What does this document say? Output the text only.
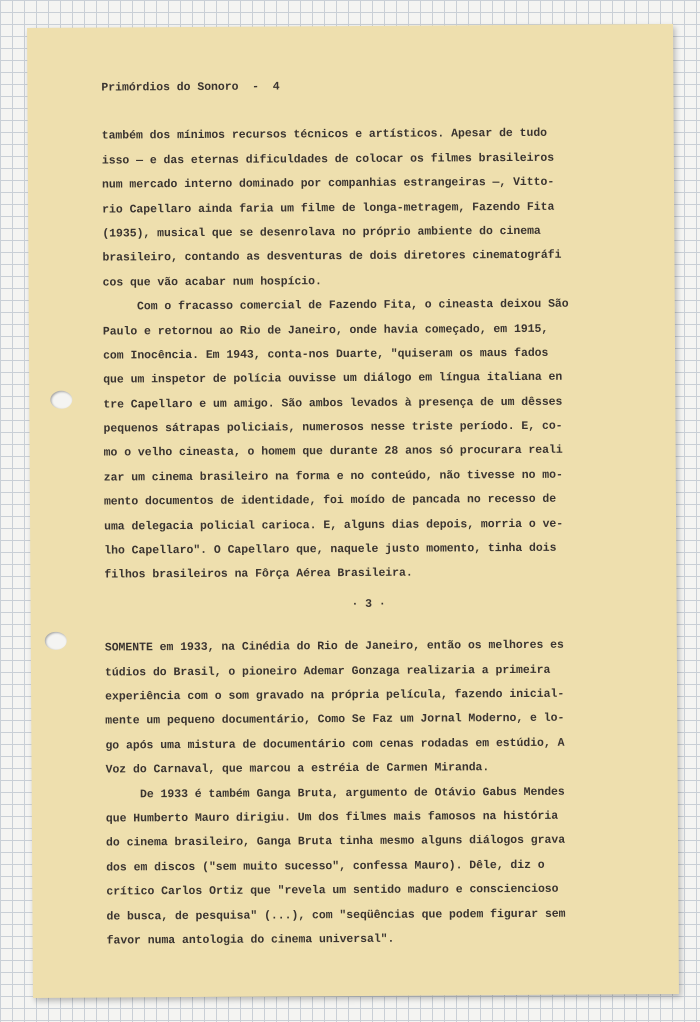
Primórdios do Sonoro  -  4
também dos mínimos recursos técnicos e artísticos. Apesar de tudo
isso — e das eternas dificuldades de colocar os filmes brasileiros
num mercado interno dominado por companhias estrangeiras —, Vitto-
rio Capellaro ainda faria um filme de longa-metragem, Fazendo Fita
(1935), musical que se desenrolava no próprio ambiente do cinema
brasileiro, contando as desventuras de dois diretores cinematográfi
cos que vão acabar num hospício.
Com o fracasso comercial de Fazendo Fita, o cineasta deixou São
Paulo e retornou ao Rio de Janeiro, onde havia começado, em 1915,
com Inocência. Em 1943, conta-nos Duarte, "quiseram os maus fados
que um inspetor de polícia ouvisse um diálogo em língua italiana en
tre Capellaro e um amigo. São ambos levados à presença de um dêsses
pequenos sátrapas policiais, numerosos nesse triste período. E, co-
mo o velho cineasta, o homem que durante 28 anos só procurara reali
zar um cinema brasileiro na forma e no conteúdo, não tivesse no mo-
mento documentos de identidade, foi moído de pancada no recesso de
uma delegacia policial carioca. E, alguns dias depois, morria o ve-
lho Capellaro". O Capellaro que, naquele justo momento, tinha dois
filhos brasileiros na Fôrça Aérea Brasileira.
· 3 ·
SOMENTE em 1933, na Cinédia do Rio de Janeiro, então os melhores es
túdios do Brasil, o pioneiro Ademar Gonzaga realizaria a primeira
experiência com o som gravado na própria película, fazendo inicial-
mente um pequeno documentário, Como Se Faz um Jornal Moderno, e lo-
go após uma mistura de documentário com cenas rodadas em estúdio, A
Voz do Carnaval, que marcou a estréia de Carmen Miranda.
De 1933 é também Ganga Bruta, argumento de Otávio Gabus Mendes
que Humberto Mauro dirigiu. Um dos filmes mais famosos na história
do cinema brasileiro, Ganga Bruta tinha mesmo alguns diálogos grava
dos em discos ("sem muito sucesso", confessa Mauro). Dêle, diz o
crítico Carlos Ortiz que "revela um sentido maduro e consciencioso
de busca, de pesquisa" (...), com "seqüências que podem figurar sem
favor numa antologia do cinema universal".
